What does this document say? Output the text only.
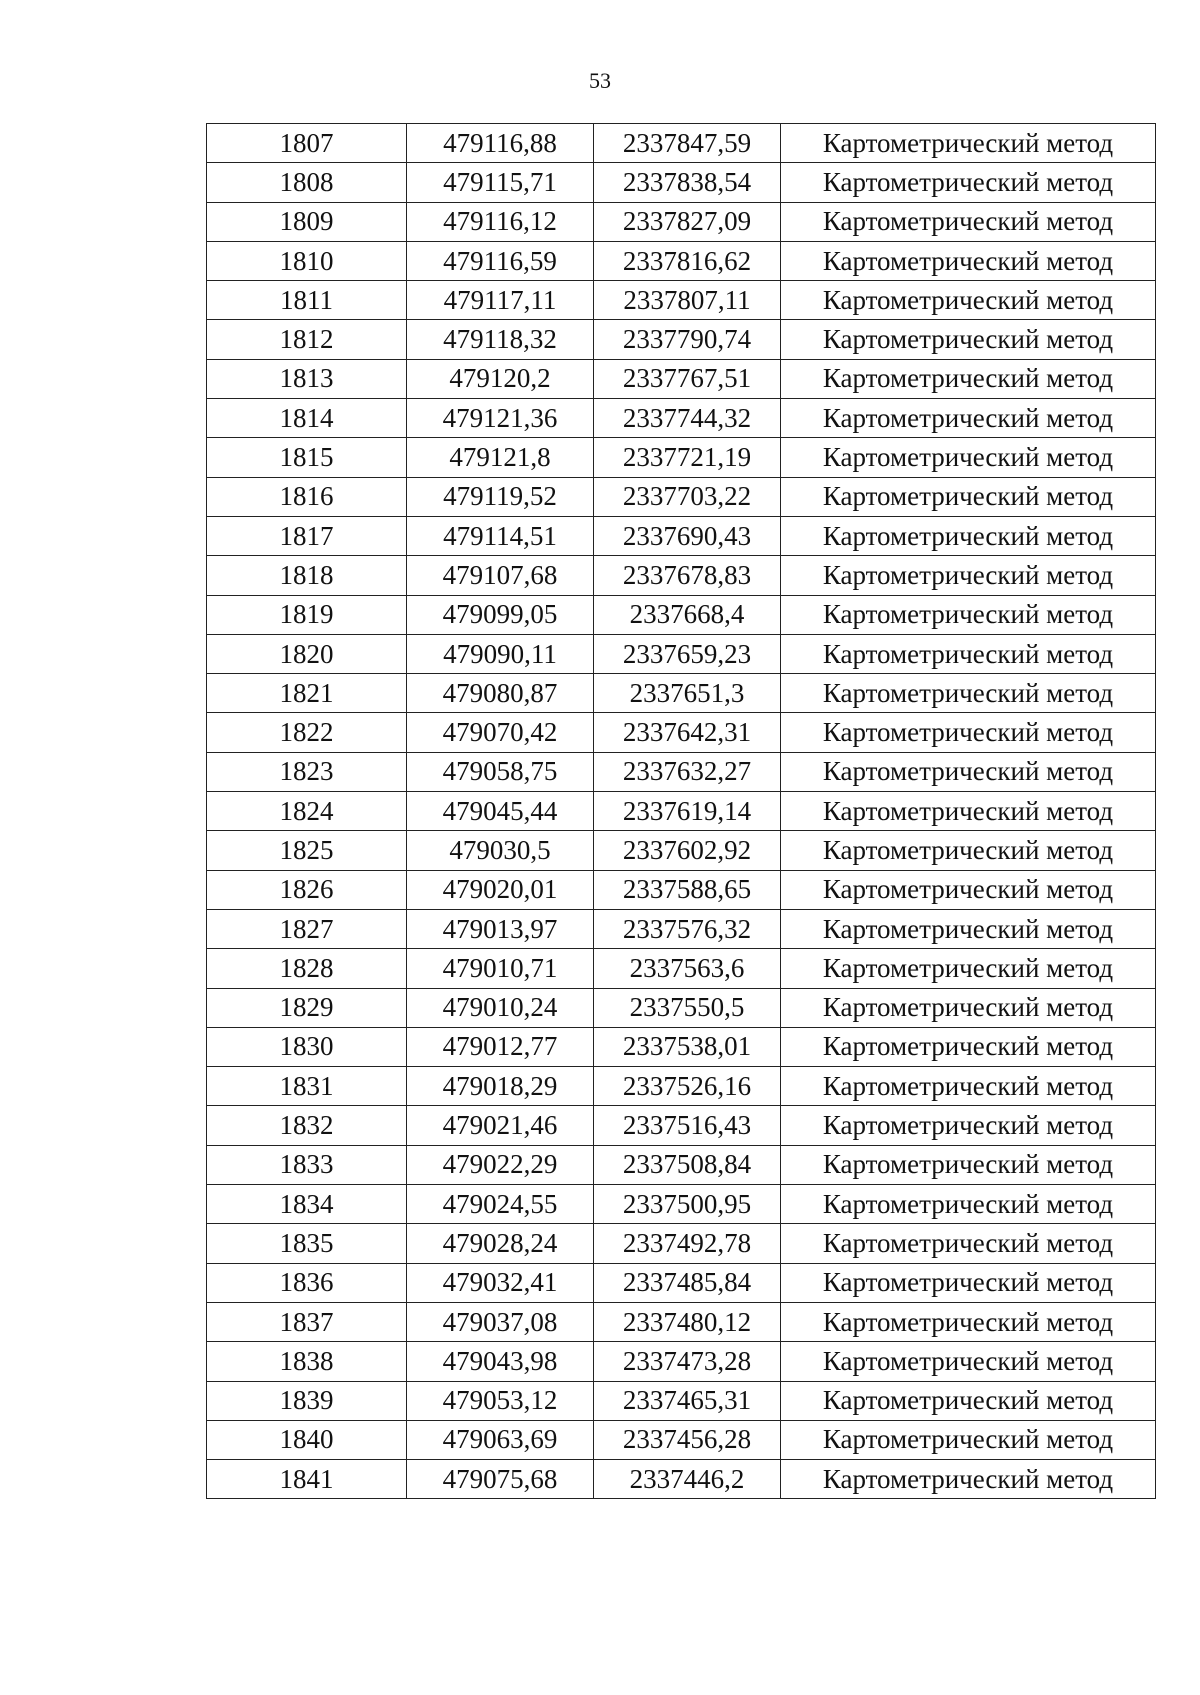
53
1807	479116,88	2337847,59	Картометрический метод
1808	479115,71	2337838,54	Картометрический метод
1809	479116,12	2337827,09	Картометрический метод
1810	479116,59	2337816,62	Картометрический метод
1811	479117,11	2337807,11	Картометрический метод
1812	479118,32	2337790,74	Картометрический метод
1813	479120,2	2337767,51	Картометрический метод
1814	479121,36	2337744,32	Картометрический метод
1815	479121,8	2337721,19	Картометрический метод
1816	479119,52	2337703,22	Картометрический метод
1817	479114,51	2337690,43	Картометрический метод
1818	479107,68	2337678,83	Картометрический метод
1819	479099,05	2337668,4	Картометрический метод
1820	479090,11	2337659,23	Картометрический метод
1821	479080,87	2337651,3	Картометрический метод
1822	479070,42	2337642,31	Картометрический метод
1823	479058,75	2337632,27	Картометрический метод
1824	479045,44	2337619,14	Картометрический метод
1825	479030,5	2337602,92	Картометрический метод
1826	479020,01	2337588,65	Картометрический метод
1827	479013,97	2337576,32	Картометрический метод
1828	479010,71	2337563,6	Картометрический метод
1829	479010,24	2337550,5	Картометрический метод
1830	479012,77	2337538,01	Картометрический метод
1831	479018,29	2337526,16	Картометрический метод
1832	479021,46	2337516,43	Картометрический метод
1833	479022,29	2337508,84	Картометрический метод
1834	479024,55	2337500,95	Картометрический метод
1835	479028,24	2337492,78	Картометрический метод
1836	479032,41	2337485,84	Картометрический метод
1837	479037,08	2337480,12	Картометрический метод
1838	479043,98	2337473,28	Картометрический метод
1839	479053,12	2337465,31	Картометрический метод
1840	479063,69	2337456,28	Картометрический метод
1841	479075,68	2337446,2	Картометрический метод
